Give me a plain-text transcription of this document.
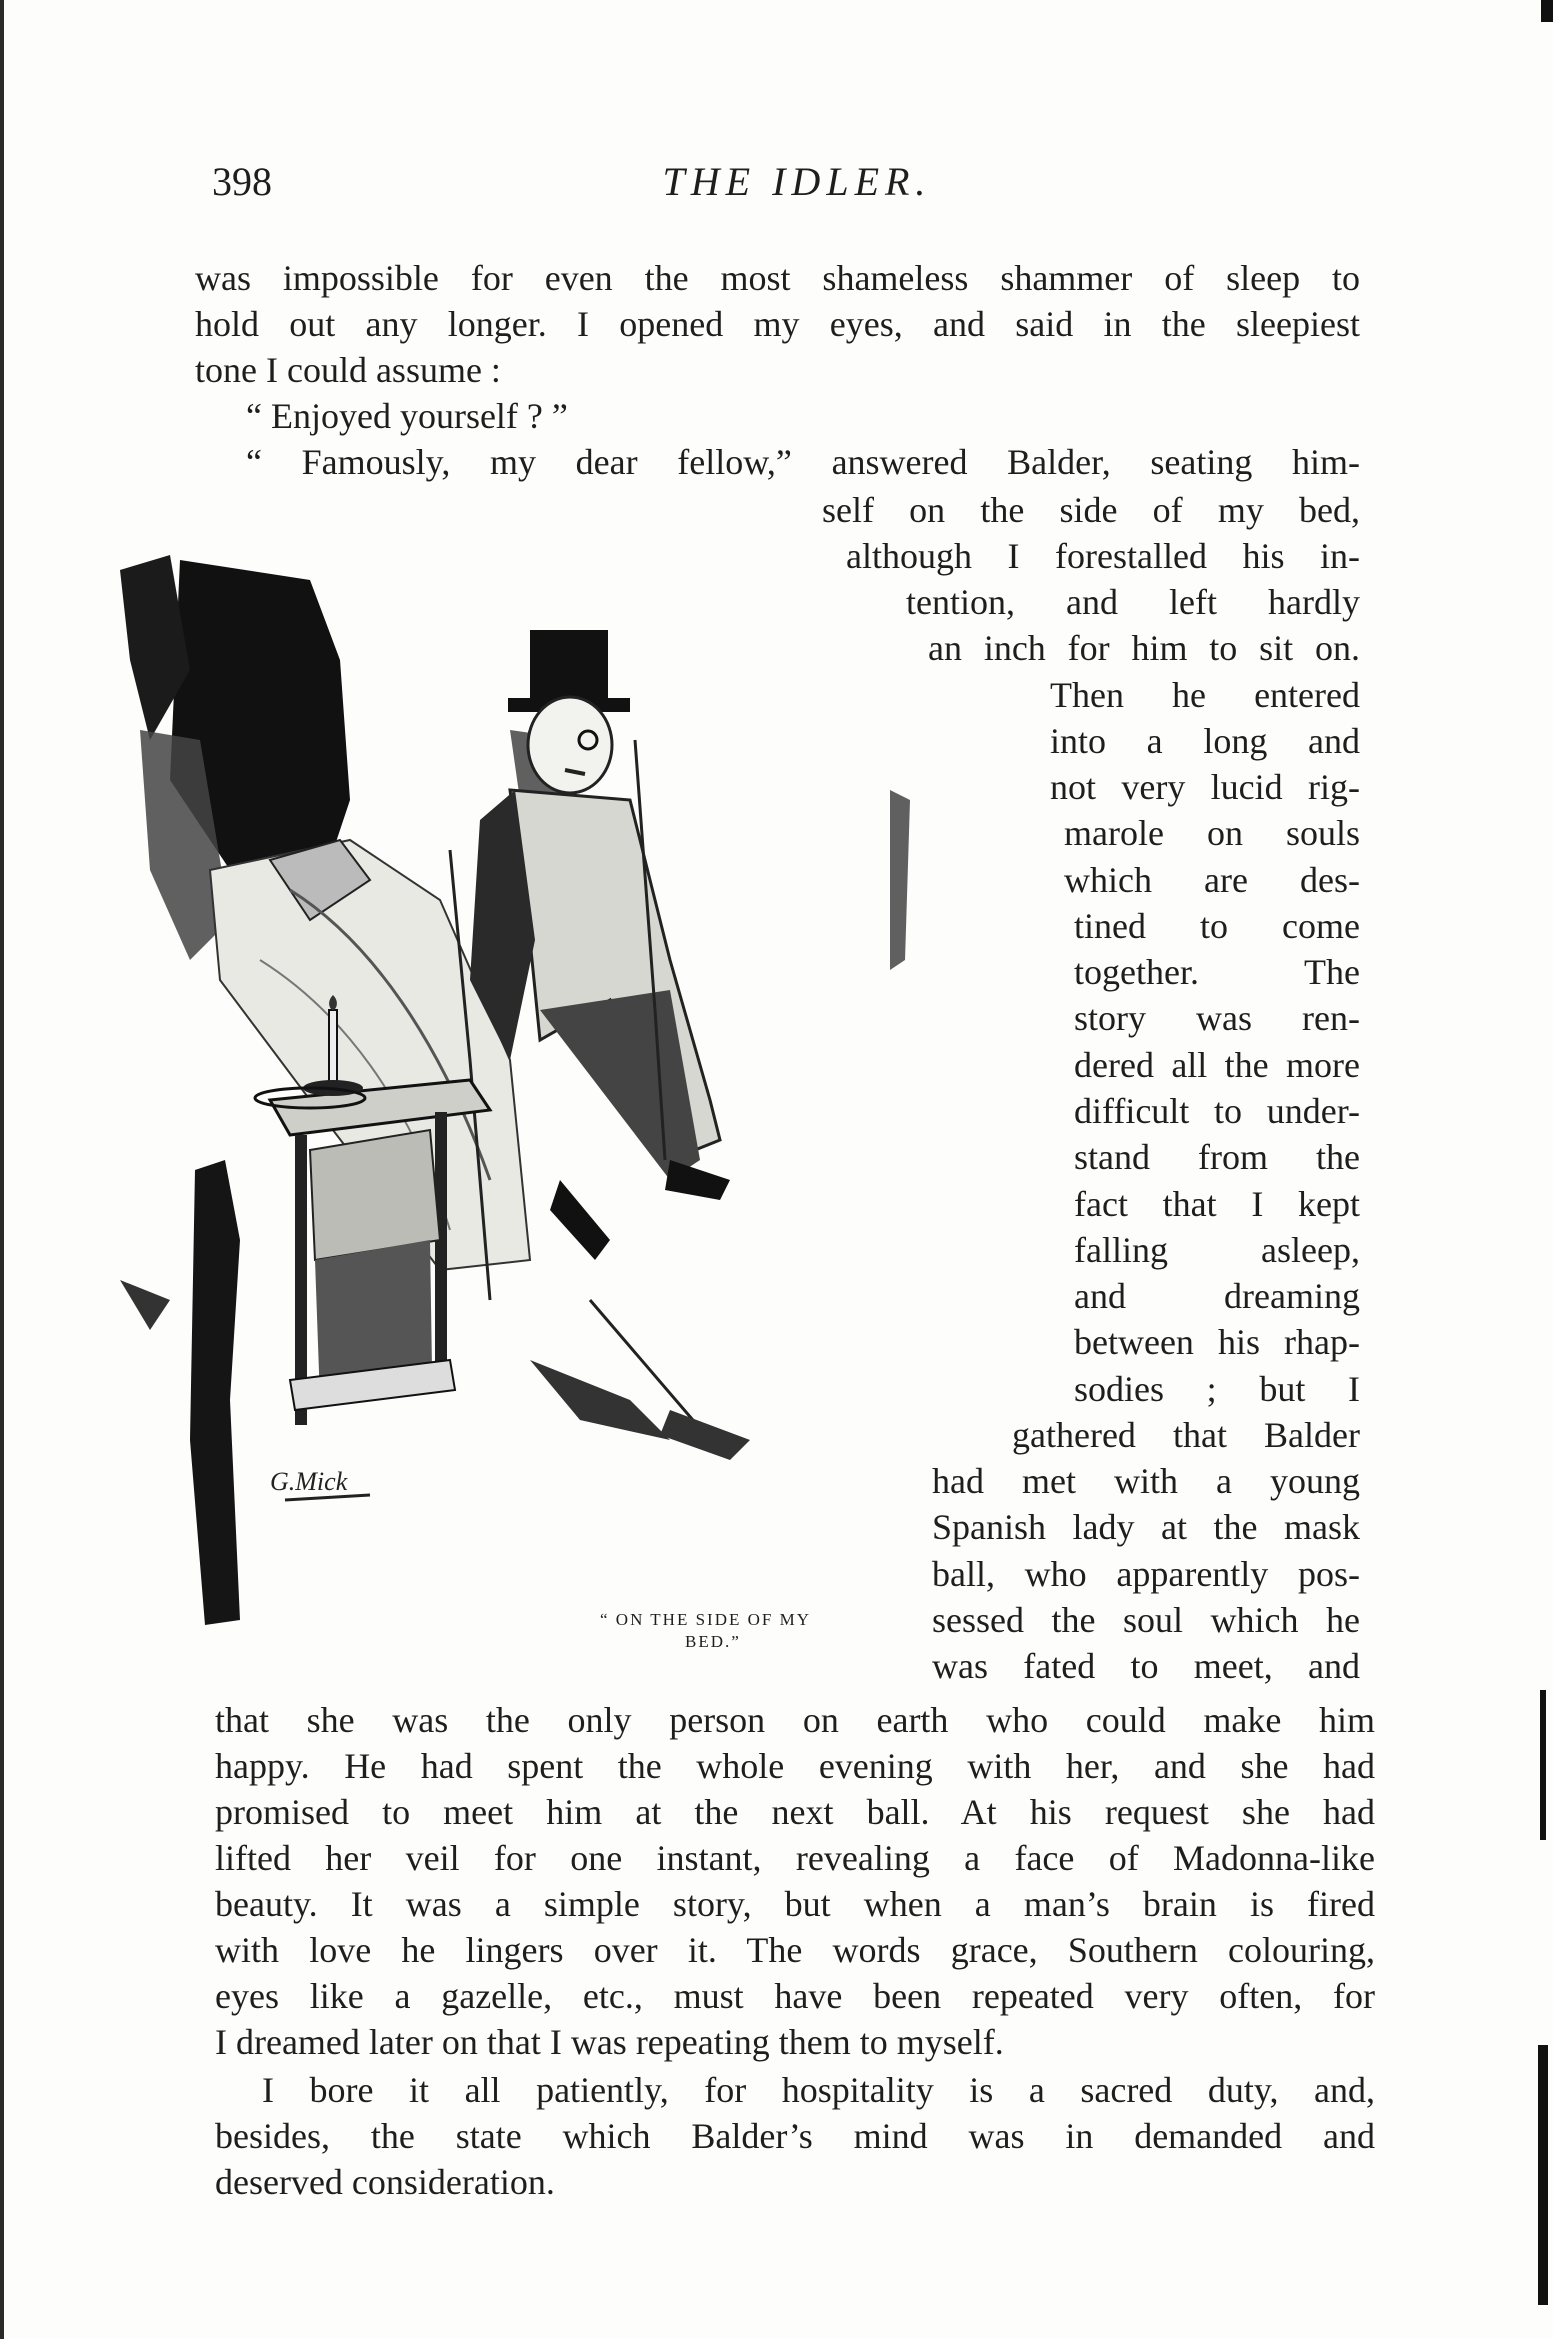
398	THE IDLER.
was impossible for even the most shameless shammer of sleep to
hold out any longer. I opened my eyes, and said in the sleepiest
tone I could assume :
“ Enjoyed yourself ? ”
“ Famously, my dear fellow,” answered Balder, seating him-
self on the side of my bed,
although I forestalled his in-
tention, and left hardly
an inch for him to sit on.
Then he entered
into a long and
not very lucid rig-
marole on souls
which are des-
tined to come
together. The
story was ren-
dered all the more
difficult to under-
stand from the
fact that I kept
falling asleep,
and dreaming
between his rhap-
sodies ; but I
gathered that Balder
had met with a young
Spanish lady at the mask
ball, who apparently pos-
sessed the soul which he
was fated to meet, and
that she was the only person on earth who could make him
happy. He had spent the whole evening with her, and she had
promised to meet him at the next ball. At his request she had
lifted her veil for one instant, revealing a face of Madonna-like
beauty. It was a simple story, but when a man’s brain is fired
with love he lingers over it. The words grace, Southern colouring,
eyes like a gazelle, etc., must have been repeated very often, for
I dreamed later on that I was repeating them to myself.
I bore it all patiently, for hospitality is a sacred duty, and,
besides, the state which Balder’s mind was in demanded and
deserved consideration.
G.Mick
“ ON THE SIDE OF MY
BED.”
